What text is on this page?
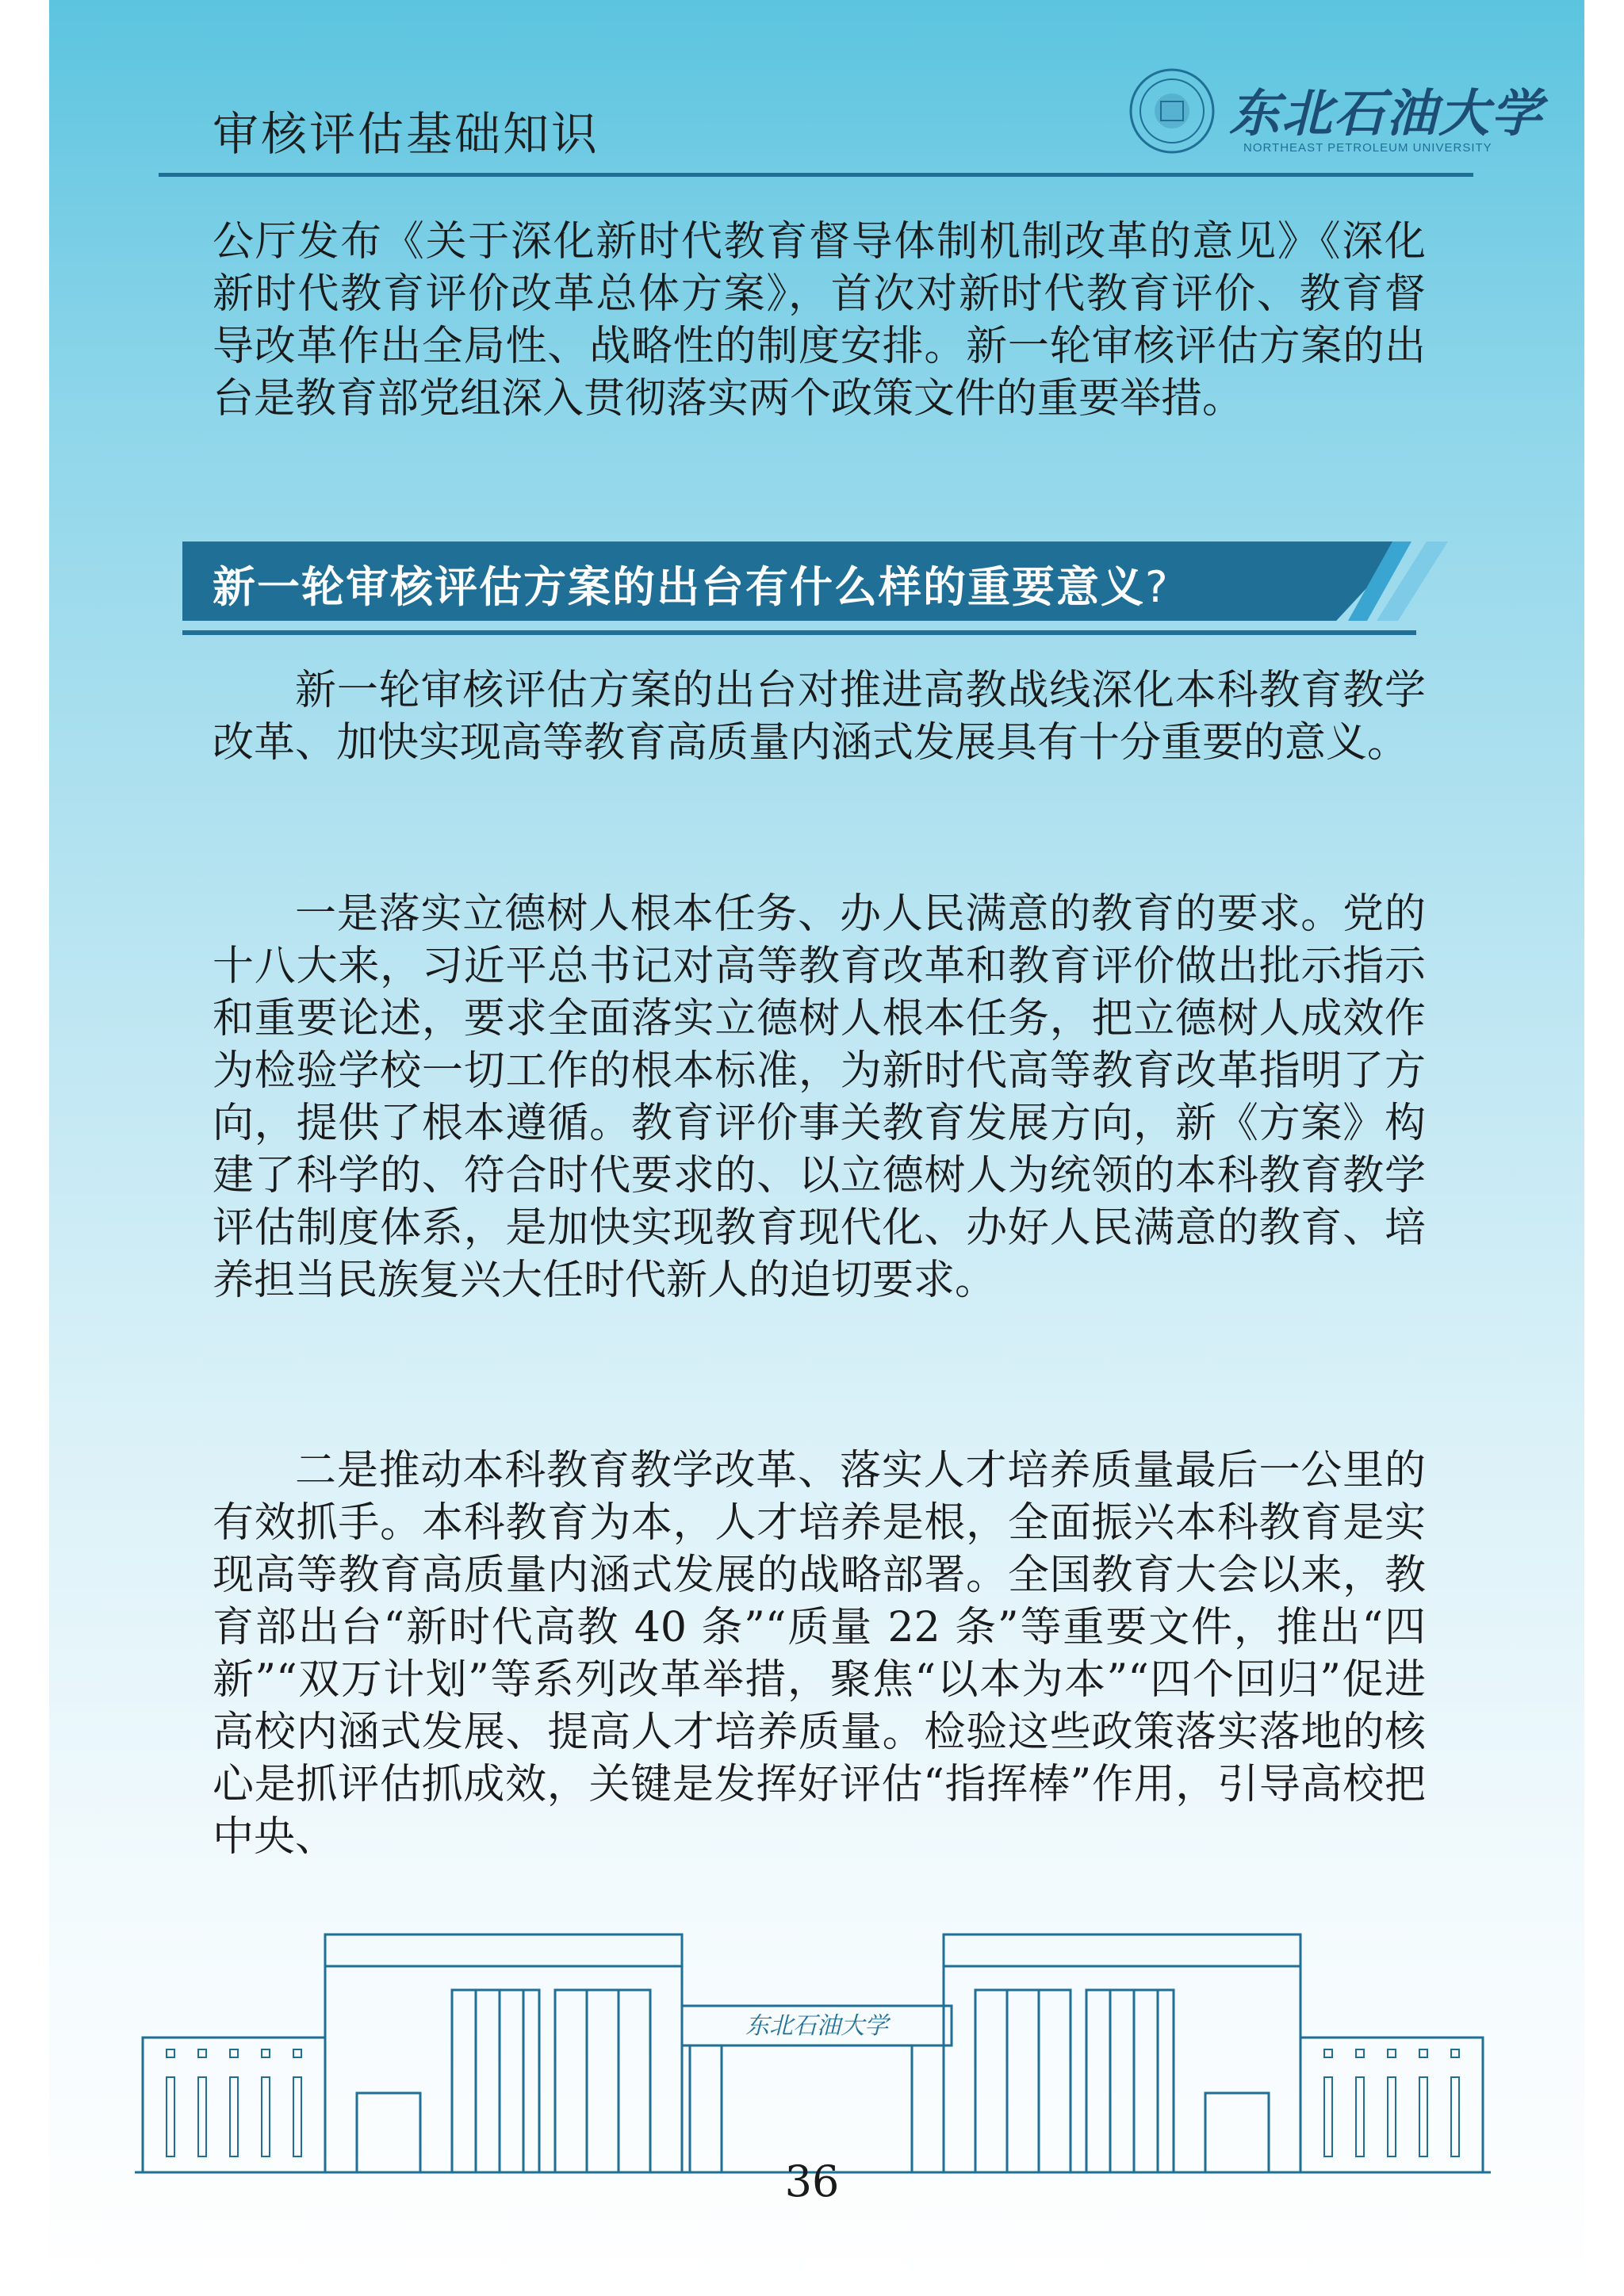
审核评估基础知识	东北石油大学
NORTHEAST PETROLEUM UNIVERSITY

公厅发布《关于深化新时代教育督导体制机制改革的意见》《深化新时代教育评价改革总体方案》，首次对新时代教育评价、教育督导改革作出全局性、战略性的制度安排。新一轮审核评估方案的出台是教育部党组深入贯彻落实两个政策文件的重要举措。

新一轮审核评估方案的出台有什么样的重要意义?

新一轮审核评估方案的出台对推进高教战线深化本科教育教学改革、加快实现高等教育高质量内涵式发展具有十分重要的意义。

一是落实立德树人根本任务、办人民满意的教育的要求。党的十八大来，习近平总书记对高等教育改革和教育评价做出批示指示和重要论述，要求全面落实立德树人根本任务，把立德树人成效作为检验学校一切工作的根本标准，为新时代高等教育改革指明了方向，提供了根本遵循。教育评价事关教育发展方向，新《方案》构建了科学的、符合时代要求的、以立德树人为统领的本科教育教学评估制度体系，是加快实现教育现代化、办好人民满意的教育、培养担当民族复兴大任时代新人的迫切要求。

二是推动本科教育教学改革、落实人才培养质量最后一公里的有效抓手。本科教育为本，人才培养是根，全面振兴本科教育是实现高等教育高质量内涵式发展的战略部署。全国教育大会以来，教育部出台“新时代高教 40 条”“质量 22 条”等重要文件，推出“四新”“双万计划”等系列改革举措，聚焦“以本为本”“四个回归”促进高校内涵式发展、提高人才培养质量。检验这些政策落实落地的核心是抓评估抓成效，关键是发挥好评估“指挥棒”作用，引导高校把中央、

东北石油大学
36
